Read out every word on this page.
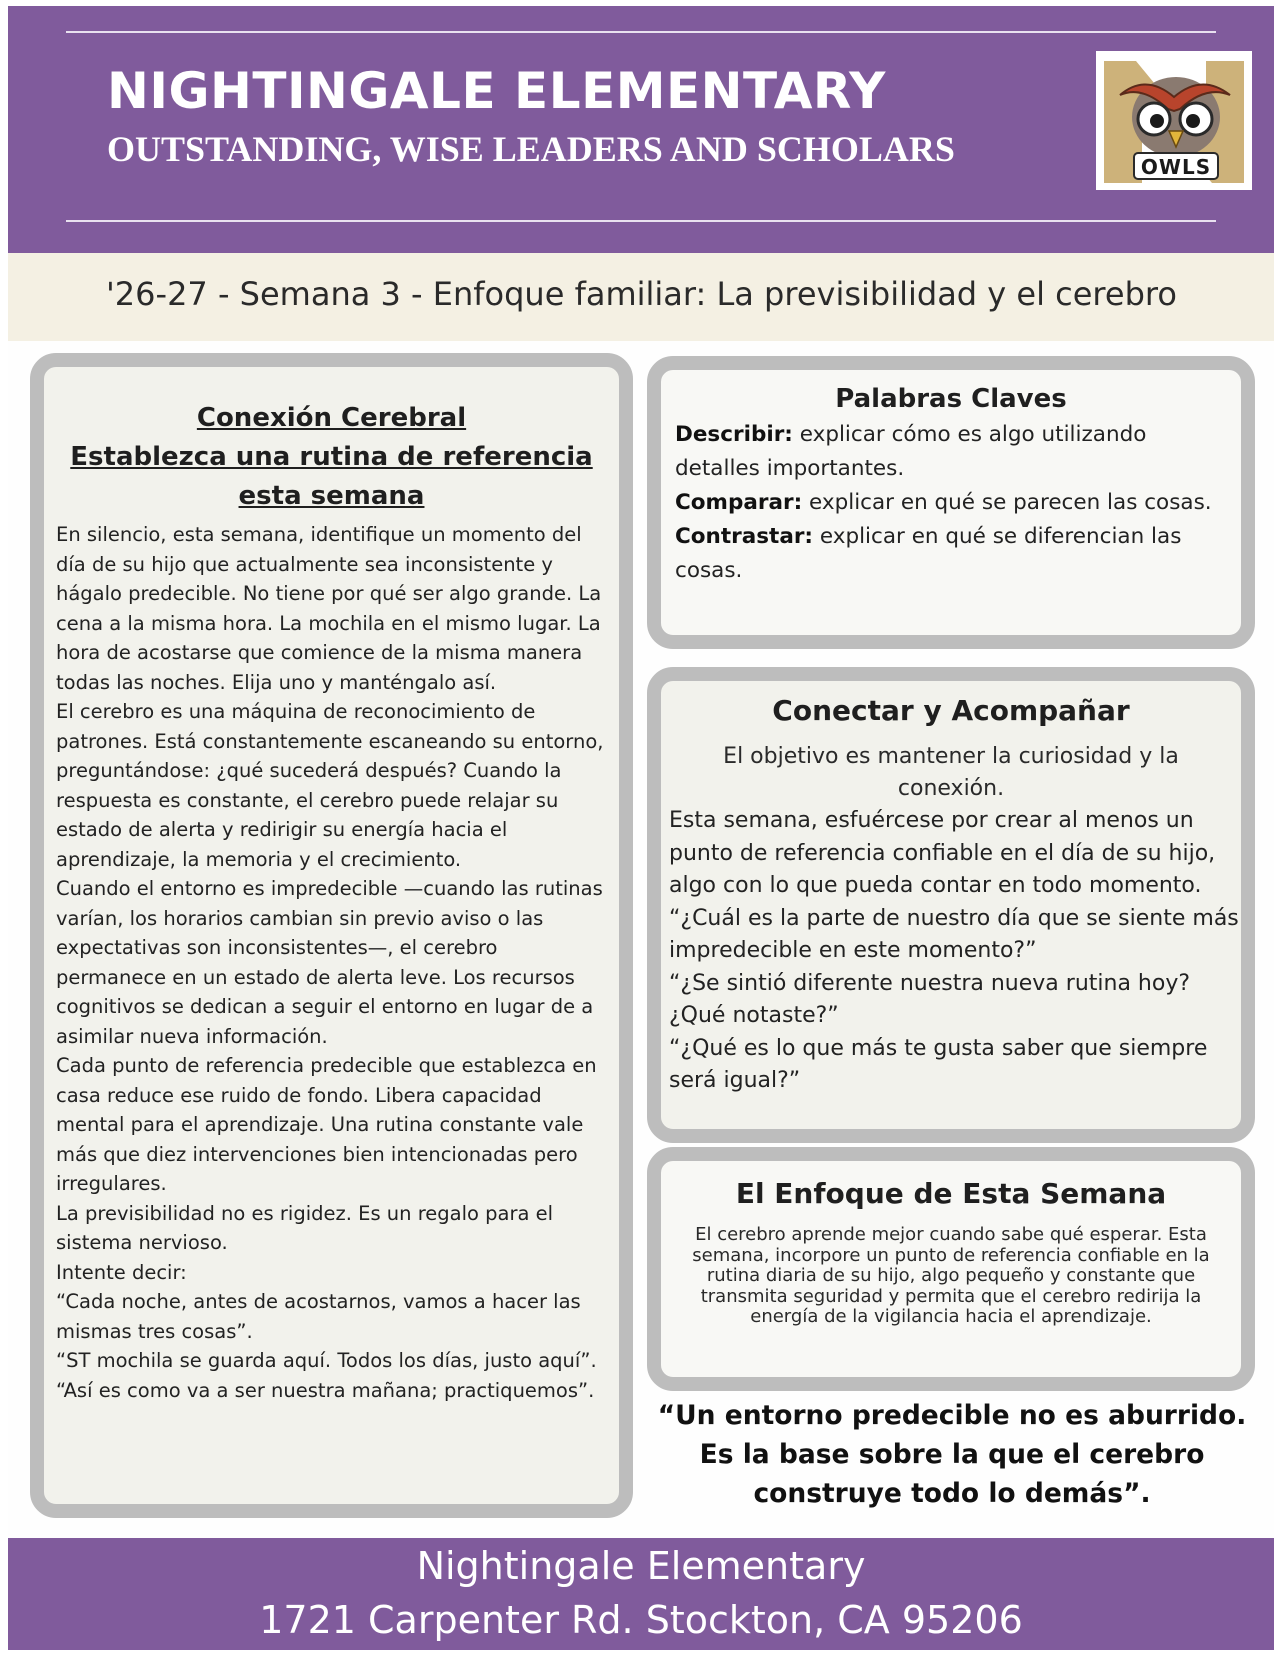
NIGHTINGALE ELEMENTARY
OUTSTANDING, WISE LEADERS AND SCHOLARS	OWLS
'26-27 - Semana 3 - Enfoque familiar: La previsibilidad y el cerebro
Conexión Cerebral
Establezca una rutina de referencia
esta semana

En silencio, esta semana, identifique un momento del día de su hijo que actualmente sea inconsistente y hágalo predecible. No tiene por qué ser algo grande. La cena a la misma hora. La mochila en el mismo lugar. La hora de acostarse que comience de la misma manera todas las noches. Elija uno y manténgalo así.

El cerebro es una máquina de reconocimiento de patrones. Está constantemente escaneando su entorno, preguntándose: ¿qué sucederá después? Cuando la respuesta es constante, el cerebro puede relajar su estado de alerta y redirigir su energía hacia el aprendizaje, la memoria y el crecimiento.

Cuando el entorno es impredecible —cuando las rutinas varían, los horarios cambian sin previo aviso o las expectativas son inconsistentes—, el cerebro permanece en un estado de alerta leve. Los recursos cognitivos se dedican a seguir el entorno en lugar de a asimilar nueva información.

Cada punto de referencia predecible que establezca en casa reduce ese ruido de fondo. Libera capacidad mental para el aprendizaje. Una rutina constante vale más que diez intervenciones bien intencionadas pero irregulares.

La previsibilidad no es rigidez. Es un regalo para el sistema nervioso.

Intente decir:

“Cada noche, antes de acostarnos, vamos a hacer las mismas tres cosas”.

“ST mochila se guarda aquí. Todos los días, justo aquí”.

“Así es como va a ser nuestra mañana; practiquemos”.

Palabras Claves

Describir: explicar cómo es algo utilizando detalles importantes.

Comparar: explicar en qué se parecen las cosas.

Contrastar: explicar en qué se diferencian las cosas.

Conectar y Acompañar
El objetivo es mantener la curiosidad y la conexión.

Esta semana, esfuércese por crear al menos un punto de referencia confiable en el día de su hijo, algo con lo que pueda contar en todo momento.

“¿Cuál es la parte de nuestro día que se siente más impredecible en este momento?”

“¿Se sintió diferente nuestra nueva rutina hoy? ¿Qué notaste?”

“¿Qué es lo que más te gusta saber que siempre será igual?”

El Enfoque de Esta Semana
El cerebro aprende mejor cuando sabe qué esperar. Esta semana, incorpore un punto de referencia confiable en la rutina diaria de su hijo, algo pequeño y constante que transmita seguridad y permita que el cerebro redirija la energía de la vigilancia hacia el aprendizaje.
“Un entorno predecible no es aburrido. Es la base sobre la que el cerebro construye todo lo demás”.
Nightingale Elementary
1721 Carpenter Rd. Stockton, CA 95206
